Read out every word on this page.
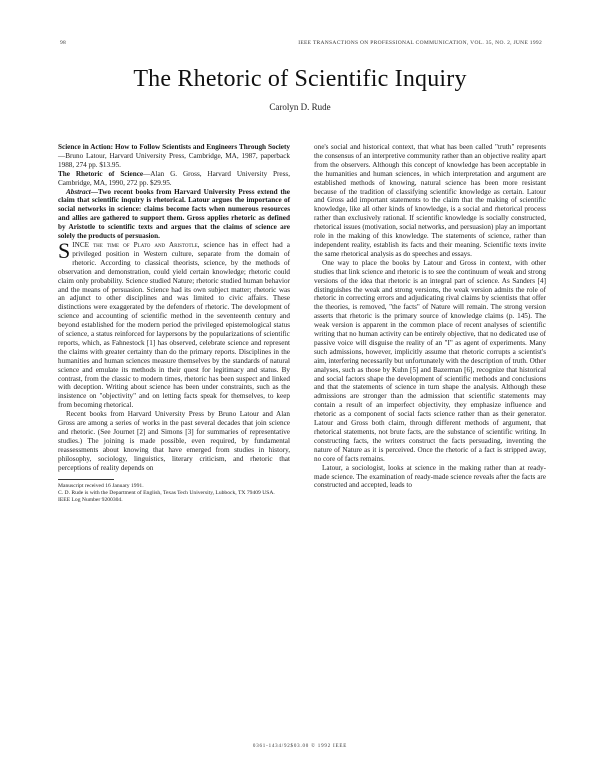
98	IEEE TRANSACTIONS ON PROFESSIONAL COMMUNICATION, VOL. 35, NO. 2, JUNE 1992
The Rhetoric of Scientific Inquiry
Carolyn D. Rude

Science in Action: How to Follow Scientists and Engineers Through Society—Bruno Latour, Harvard University Press, Cambridge, MA, 1987, paperback 1988, 274 pp. $13.95.

The Rhetoric of Science—Alan G. Gross, Harvard University Press, Cambridge, MA, 1990, 272 pp. $29.95.

Abstract—Two recent books from Harvard University Press extend the claim that scientific inquiry is rhetorical. Latour argues the importance of social networks in science: claims become facts when numerous resources and allies are gathered to support them. Gross applies rhetoric as defined by Aristotle to scientific texts and argues that the claims of science are solely the products of persuasion.

SINCE the time of Plato and Aristotle, science has in effect had a privileged position in Western culture, separate from the domain of rhetoric. According to classical theorists, science, by the methods of observation and demonstration, could yield certain knowledge; rhetoric could claim only probability. Science studied Nature; rhetoric studied human behavior and the means of persuasion. Science had its own subject matter; rhetoric was an adjunct to other disciplines and was limited to civic affairs. These distinctions were exaggerated by the defenders of rhetoric. The development of science and accounting of scientific method in the seventeenth century and beyond established for the modern period the privileged epistemological status of science, a status reinforced for laypersons by the popularizations of scientific reports, which, as Fahnestock [1] has observed, celebrate science and represent the claims with greater certainty than do the primary reports. Disciplines in the humanities and human sciences measure themselves by the standards of natural science and emulate its methods in their quest for legitimacy and status. By contrast, from the classic to modern times, rhetoric has been suspect and linked with deception. Writing about science has been under constraints, such as the insistence on "objectivity" and on letting facts speak for themselves, to keep from becoming rhetorical.

Recent books from Harvard University Press by Bruno Latour and Alan Gross are among a series of works in the past several decades that join science and rhetoric. (See Journet [2] and Simons [3] for summaries of representative studies.) The joining is made possible, even required, by fundamental reassessments about knowing that have emerged from studies in history, philosophy, sociology, linguistics, literary criticism, and rhetoric that perceptions of reality depends on

Manuscript received 16 January 1991.

C. D. Rude is with the Department of English, Texas Tech University, Lubbock, TX 79409 USA.

IEEE Log Number 9200304.

one's social and historical context, that what has been called "truth" represents the consensus of an interpretive community rather than an objective reality apart from the observers. Although this concept of knowledge has been acceptable in the humanities and human sciences, in which interpretation and argument are established methods of knowing, natural science has been more resistant because of the tradition of classifying scientific knowledge as certain. Latour and Gross add important statements to the claim that the making of scientific knowledge, like all other kinds of knowledge, is a social and rhetorical process rather than exclusively rational. If scientific knowledge is socially constructed, rhetorical issues (motivation, social networks, and persuasion) play an important role in the making of this knowledge. The statements of science, rather than independent reality, establish its facts and their meaning. Scientific texts invite the same rhetorical analysis as do speeches and essays.

One way to place the books by Latour and Gross in context, with other studies that link science and rhetoric is to see the continuum of weak and strong versions of the idea that rhetoric is an integral part of science. As Sanders [4] distinguishes the weak and strong versions, the weak version admits the role of rhetoric in correcting errors and adjudicating rival claims by scientists that offer the theories, is removed, "the facts" of Nature will remain. The strong version asserts that rhetoric is the primary source of knowledge claims (p. 145). The weak version is apparent in the common place of recent analyses of scientific writing that no human activity can be entirely objective, that no dedicated use of passive voice will disguise the reality of an "I" as agent of experiments. Many such admissions, however, implicitly assume that rhetoric corrupts a scientist's aim, interfering necessarily but unfortunately with the description of truth. Other analyses, such as those by Kuhn [5] and Bazerman [6], recognize that historical and social factors shape the development of scientific methods and conclusions and that the statements of science in turn shape the analysis. Although these admissions are stronger than the admission that scientific statements may contain a result of an imperfect objectivity, they emphasize influence and rhetoric as a component of social facts science rather than as their generator. Latour and Gross both claim, through different methods of argument, that rhetorical statements, not brute facts, are the substance of scientific writing. In constructing facts, the writers construct the facts persuading, inventing the nature of Nature as it is perceived. Once the rhetoric of a fact is stripped away, no core of facts remains.

Latour, a sociologist, looks at science in the making rather than at ready-made science. The examination of ready-made science reveals after the facts are constructed and accepted, leads to

0361-1434/92$03.00 © 1992 IEEE
